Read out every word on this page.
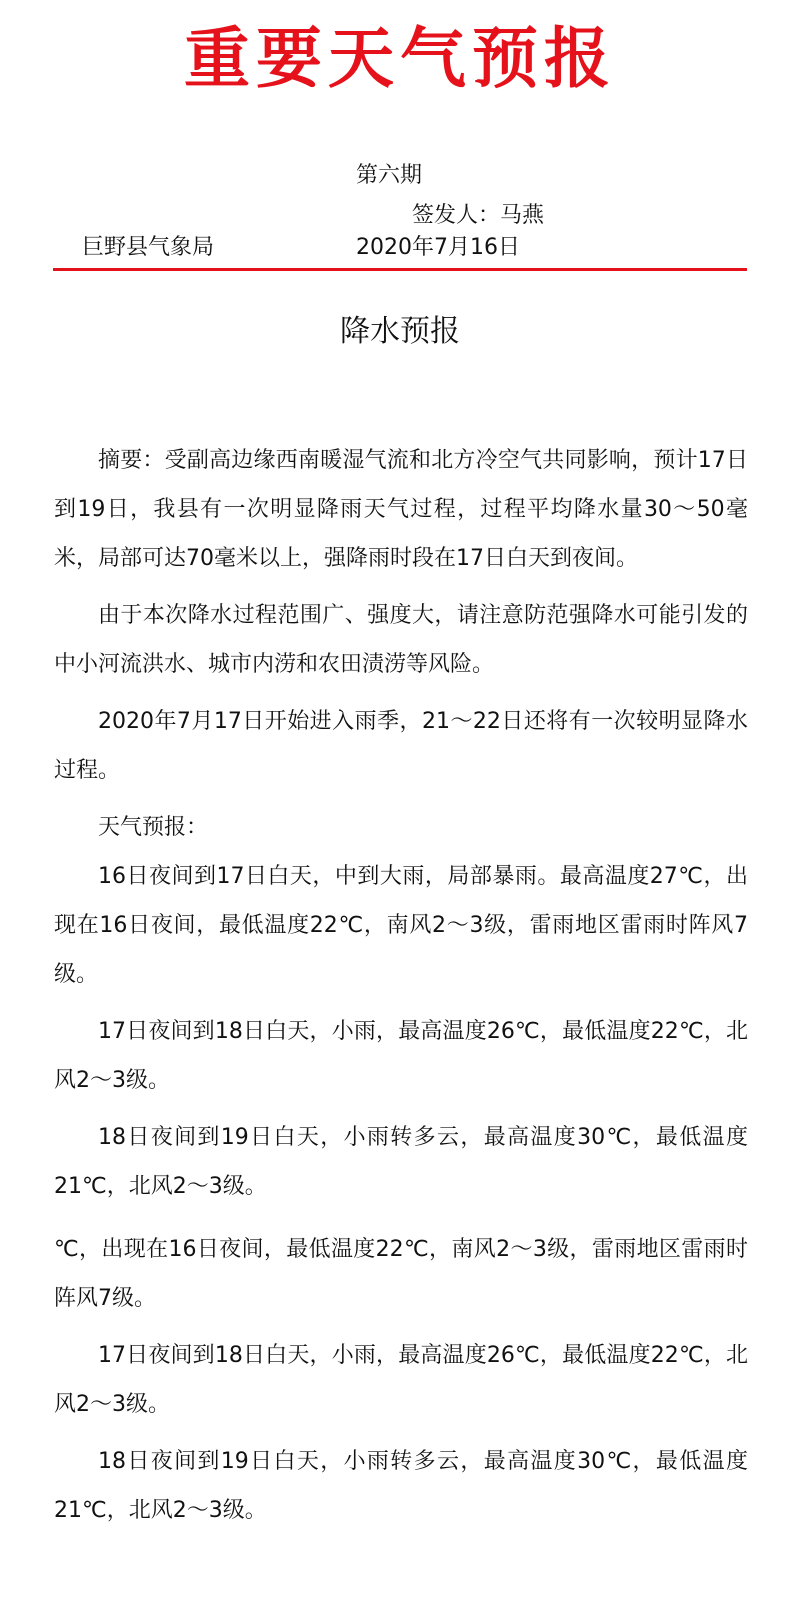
重要天气预报
第六期
签发人：马燕
巨野县气象局	2020年7月16日
降水预报

摘要：受副高边缘西南暖湿气流和北方冷空气共同影响，预计17日到19日，我县有一次明显降雨天气过程，过程平均降水量30～50毫米，局部可达70毫米以上，强降雨时段在17日白天到夜间。

由于本次降水过程范围广、强度大，请注意防范强降水可能引发的中小河流洪水、城市内涝和农田渍涝等风险。

2020年7月17日开始进入雨季，21～22日还将有一次较明显降水过程。

天气预报：

16日夜间到17日白天，中到大雨，局部暴雨。最高温度27℃，出现在16日夜间，最低温度22℃，南风2～3级，雷雨地区雷雨时阵风7级。

17日夜间到18日白天，小雨，最高温度26℃，最低温度22℃，北风2～3级。

18日夜间到19日白天，小雨转多云，最高温度30℃，最低温度21℃，北风2～3级。

℃，出现在16日夜间，最低温度22℃，南风2～3级，雷雨地区雷雨时阵风7级。

17日夜间到18日白天，小雨，最高温度26℃，最低温度22℃，北风2～3级。

18日夜间到19日白天，小雨转多云，最高温度30℃，最低温度21℃，北风2～3级。
